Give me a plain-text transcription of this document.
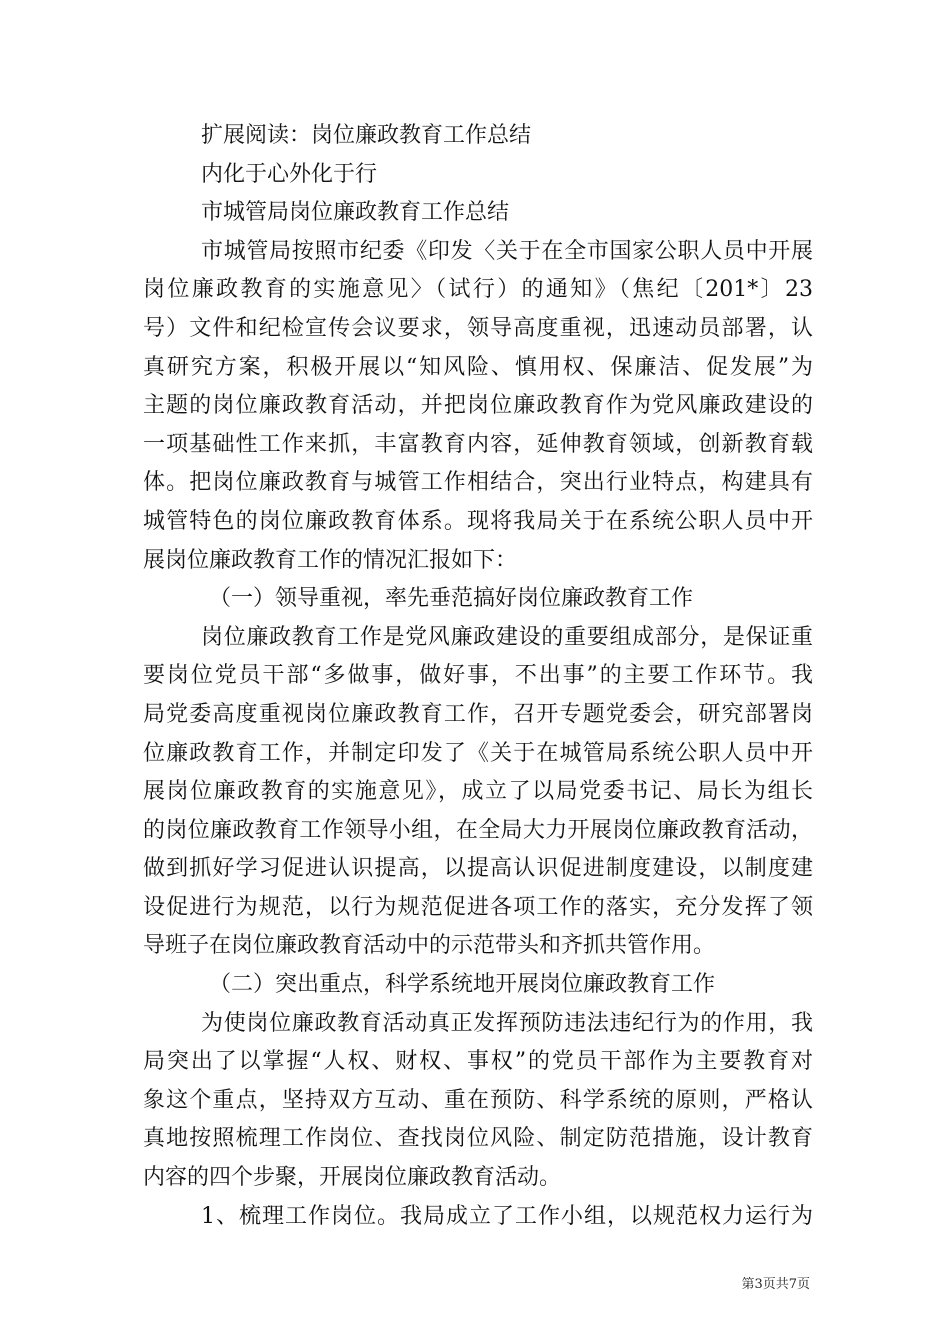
扩展阅读：岗位廉政教育工作总结
内化于心外化于行
市城管局岗位廉政教育工作总结
市城管局按照市纪委《印发〈关于在全市国家公职人员中开展
岗位廉政教育的实施意见〉（试行）的通知》（焦纪〔201*〕23
号）文件和纪检宣传会议要求，领导高度重视，迅速动员部署，认
真研究方案，积极开展以“知风险、慎用权、保廉洁、促发展”为
主题的岗位廉政教育活动，并把岗位廉政教育作为党风廉政建设的
一项基础性工作来抓，丰富教育内容，延伸教育领域，创新教育载
体。把岗位廉政教育与城管工作相结合，突出行业特点，构建具有
城管特色的岗位廉政教育体系。现将我局关于在系统公职人员中开
展岗位廉政教育工作的情况汇报如下：
（一）领导重视，率先垂范搞好岗位廉政教育工作
岗位廉政教育工作是党风廉政建设的重要组成部分，是保证重
要岗位党员干部“多做事，做好事，不出事”的主要工作环节。我
局党委高度重视岗位廉政教育工作，召开专题党委会，研究部署岗
位廉政教育工作，并制定印发了《关于在城管局系统公职人员中开
展岗位廉政教育的实施意见》，成立了以局党委书记、局长为组长
的岗位廉政教育工作领导小组，在全局大力开展岗位廉政教育活动，
做到抓好学习促进认识提高，以提高认识促进制度建设，以制度建
设促进行为规范，以行为规范促进各项工作的落实，充分发挥了领
导班子在岗位廉政教育活动中的示范带头和齐抓共管作用。
（二）突出重点，科学系统地开展岗位廉政教育工作
为使岗位廉政教育活动真正发挥预防违法违纪行为的作用，我
局突出了以掌握“人权、财权、事权”的党员干部作为主要教育对
象这个重点，坚持双方互动、重在预防、科学系统的原则，严格认
真地按照梳理工作岗位、查找岗位风险、制定防范措施，设计教育
内容的四个步聚，开展岗位廉政教育活动。
1、梳理工作岗位。我局成立了工作小组，以规范权力运行为
第3页共7页
